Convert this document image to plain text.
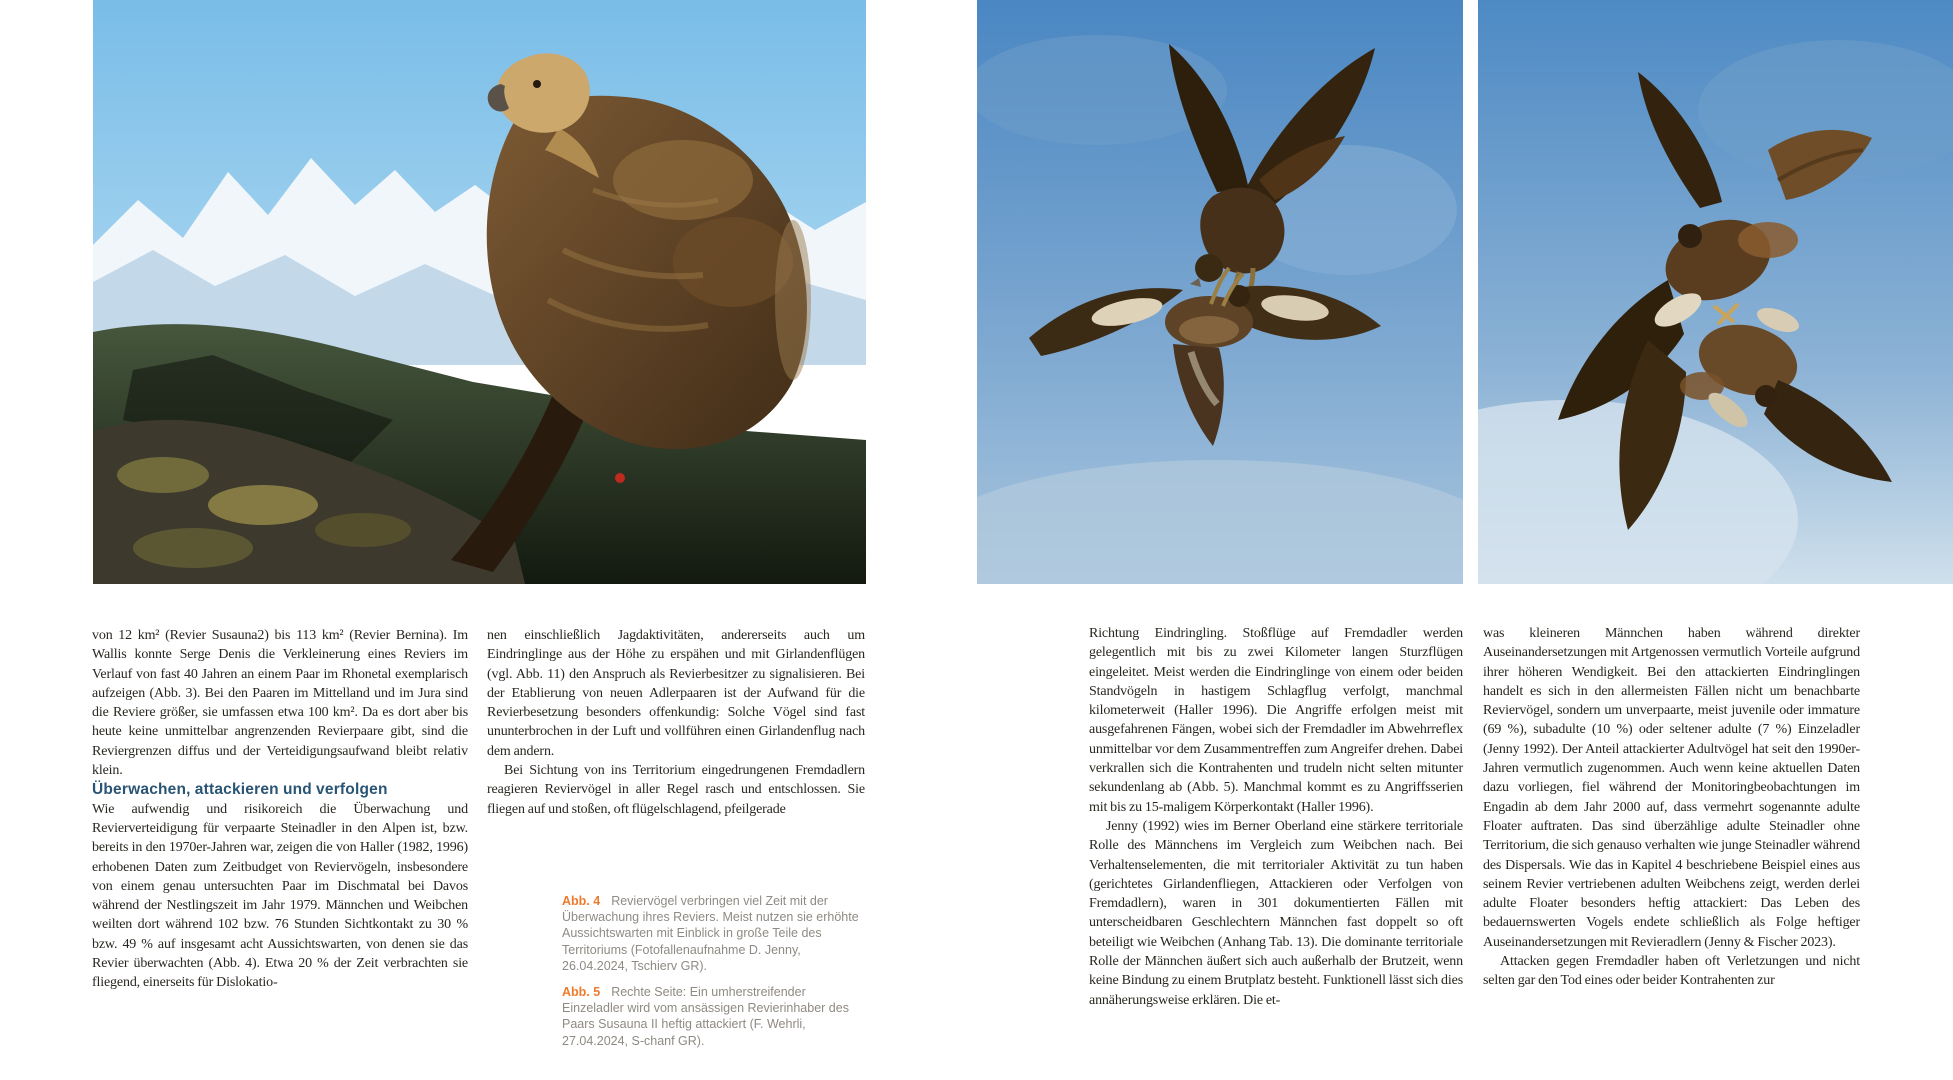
von 12 km² (Revier Susauna2) bis 113 km² (Revier Bernina). Im Wallis konnte Serge Denis die Verkleinerung eines Reviers im Verlauf von fast 40 Jahren an einem Paar im Rhonetal exemplarisch aufzeigen (Abb. 3). Bei den Paaren im Mittelland und im Jura sind die Reviere größer, sie umfassen etwa 100 km². Da es dort aber bis heute keine unmittelbar angrenzenden Revierpaare gibt, sind die Reviergrenzen diffus und der Verteidigungsaufwand bleibt relativ klein.

Überwachen, attackieren und verfolgen

Wie aufwendig und risikoreich die Überwachung und Revierverteidigung für verpaarte Steinadler in den Alpen ist, bzw. bereits in den 1970er-Jahren war, zeigen die von Haller (1982, 1996) erhobenen Daten zum Zeitbudget von Reviervögeln, insbesondere von einem genau untersuchten Paar im Dischmatal bei Davos während der Nestlingszeit im Jahr 1979. Männchen und Weibchen weilten dort während 102 bzw. 76 Stunden Sichtkontakt zu 30 % bzw. 49 % auf insgesamt acht Aussichtswarten, von denen sie das Revier überwachten (Abb. 4). Etwa 20 % der Zeit verbrachten sie fliegend, einerseits für Dislokatio-

nen einschließlich Jagdaktivitäten, andererseits auch um Eindringlinge aus der Höhe zu erspähen und mit Girlandenflügen (vgl. Abb. 11) den Anspruch als Revierbesitzer zu signalisieren. Bei der Etablierung von neuen Adlerpaaren ist der Aufwand für die Revierbesetzung besonders offenkundig: Solche Vögel sind fast ununterbrochen in der Luft und vollführen einen Girlandenflug nach dem andern.

Bei Sichtung von ins Territorium eingedrungenen Fremdadlern reagieren Reviervögel in aller Regel rasch und entschlossen. Sie fliegen auf und stoßen, oft flügelschlagend, pfeilgerade

Abb. 4 Reviervögel verbringen viel Zeit mit der Überwachung ihres Reviers. Meist nutzen sie erhöhte Aussichtswarten mit Einblick in große Teile des Territoriums (Fotofallenaufnahme D. Jenny, 26.04.2024, Tschierv GR).

Abb. 5 Rechte Seite: Ein umherstreifender Einzeladler wird vom ansässigen Revierinhaber des Paars Susauna II heftig attackiert (F. Wehrli, 27.04.2024, S-chanf GR).

Richtung Eindringling. Stoßflüge auf Fremdadler werden gelegentlich mit bis zu zwei Kilometer langen Sturzflügen eingeleitet. Meist werden die Eindringlinge von einem oder beiden Standvögeln in hastigem Schlagflug verfolgt, manchmal kilometerweit (Haller 1996). Die Angriffe erfolgen meist mit ausgefahrenen Fängen, wobei sich der Fremdadler im Abwehrreflex unmittelbar vor dem Zusammentreffen zum Angreifer drehen. Dabei verkrallen sich die Kontrahenten und trudeln nicht selten mitunter sekundenlang ab (Abb. 5). Manchmal kommt es zu Angriffsserien mit bis zu 15-maligem Körperkontakt (Haller 1996).

Jenny (1992) wies im Berner Oberland eine stärkere territoriale Rolle des Männchens im Vergleich zum Weibchen nach. Bei Verhaltenselementen, die mit territorialer Aktivität zu tun haben (gerichtetes Girlandenfliegen, Attackieren oder Verfolgen von Fremdadlern), waren in 301 dokumentierten Fällen mit unterscheidbaren Geschlechtern Männchen fast doppelt so oft beteiligt wie Weibchen (Anhang Tab. 13). Die dominante territoriale Rolle der Männchen äußert sich auch außerhalb der Brutzeit, wenn keine Bindung zu einem Brutplatz besteht. Funktionell lässt sich dies annäherungsweise erklären. Die et-

was kleineren Männchen haben während direkter Auseinandersetzungen mit Artgenossen vermutlich Vorteile aufgrund ihrer höheren Wendigkeit. Bei den attackierten Eindringlingen handelt es sich in den allermeisten Fällen nicht um benachbarte Reviervögel, sondern um unverpaarte, meist juvenile oder immature (69 %), subadulte (10 %) oder seltener adulte (7 %) Einzeladler (Jenny 1992). Der Anteil attackierter Adultvögel hat seit den 1990er-Jahren vermutlich zugenommen. Auch wenn keine aktuellen Daten dazu vorliegen, fiel während der Monitoringbeobachtungen im Engadin ab dem Jahr 2000 auf, dass vermehrt sogenannte adulte Floater auftraten. Das sind überzählige adulte Steinadler ohne Territorium, die sich genauso verhalten wie junge Steinadler während des Dispersals. Wie das in Kapitel 4 beschriebene Beispiel eines aus seinem Revier vertriebenen adulten Weibchens zeigt, werden derlei adulte Floater besonders heftig attackiert: Das Leben des bedauernswerten Vogels endete schließlich als Folge heftiger Auseinandersetzungen mit Revieradlern (Jenny & Fischer 2023).

Attacken gegen Fremdadler haben oft Verletzungen und nicht selten gar den Tod eines oder beider Kontrahenten zur
